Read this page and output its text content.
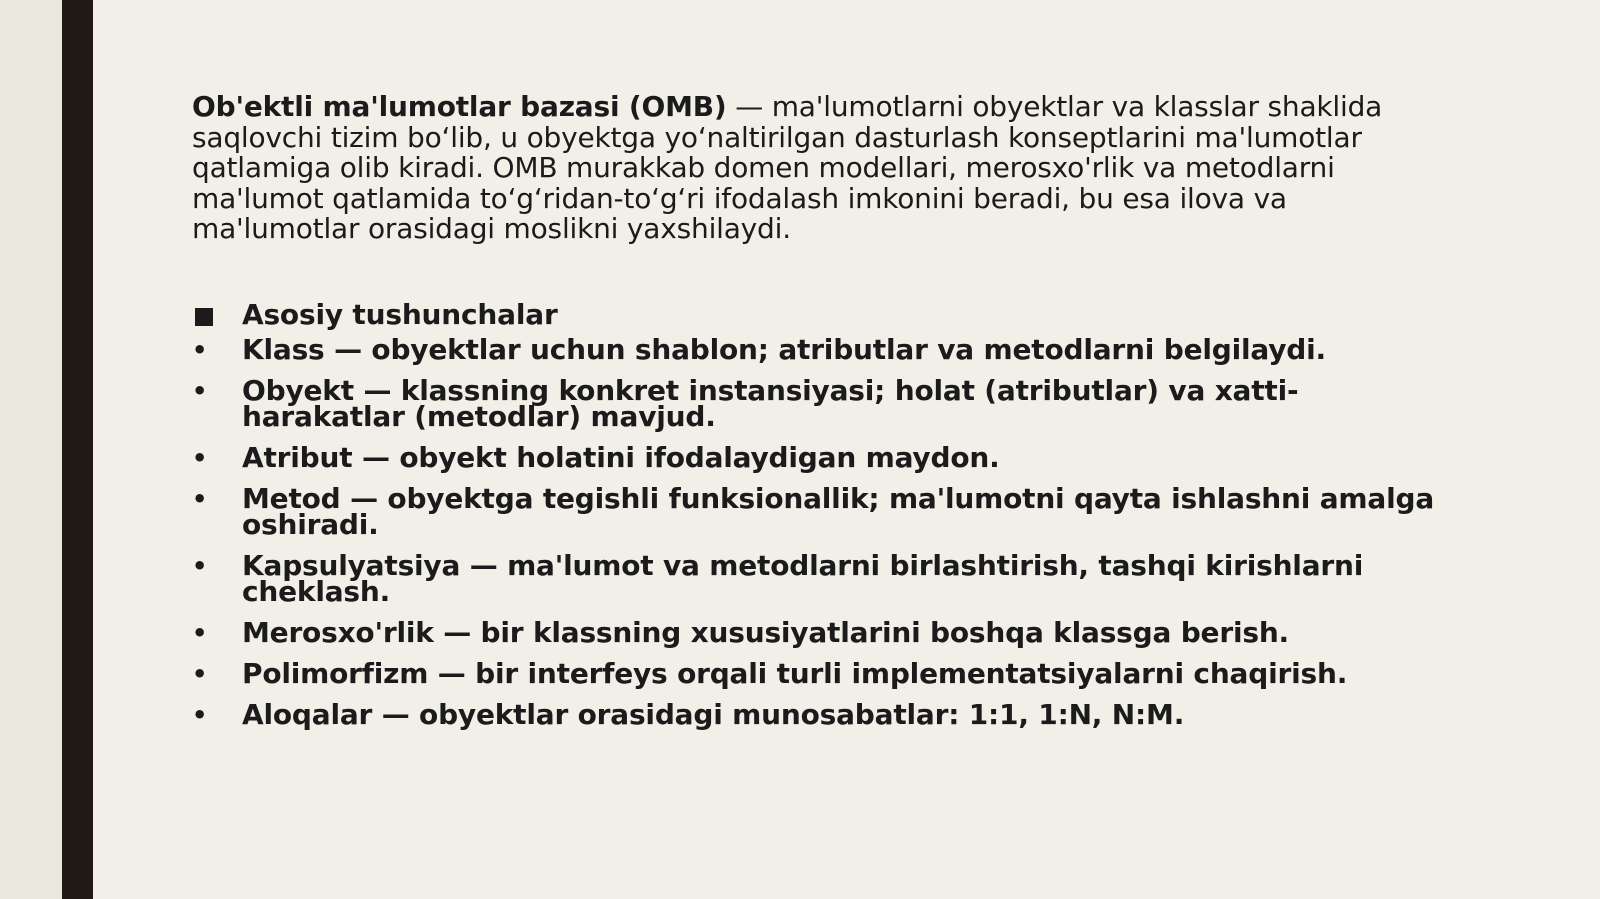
Ob'ektli ma'lumotlar bazasi (OMB) — ma'lumotlarni obyektlar va klasslar shaklida saqlovchi tizim bo‘lib, u obyektga yo‘naltirilgan dasturlash konseptlarini ma'lumotlar qatlamiga olib kiradi. OMB murakkab domen modellari, merosxo'rlik va metodlarni ma'lumot qatlamida to‘g‘ridan-to‘g‘ri ifodalash imkonini beradi, bu esa ilova va ma'lumotlar orasidagi moslikni yaxshilaydi.

Asosiy tushunchalar
• Klass — obyektlar uchun shablon; atributlar va metodlarni belgilaydi.
• Obyekt — klassning konkret instansiyasi; holat (atributlar) va xatti-harakatlar (metodlar) mavjud.
• Atribut — obyekt holatini ifodalaydigan maydon.
• Metod — obyektga tegishli funksionallik; ma'lumotni qayta ishlashni amalga oshiradi.
• Kapsulyatsiya — ma'lumot va metodlarni birlashtirish, tashqi kirishlarni cheklash.
• Merosxo'rlik — bir klassning xususiyatlarini boshqa klassga berish.
• Polimorfizm — bir interfeys orqali turli implementatsiyalarni chaqirish.
• Aloqalar — obyektlar orasidagi munosabatlar: 1:1, 1:N, N:M.
